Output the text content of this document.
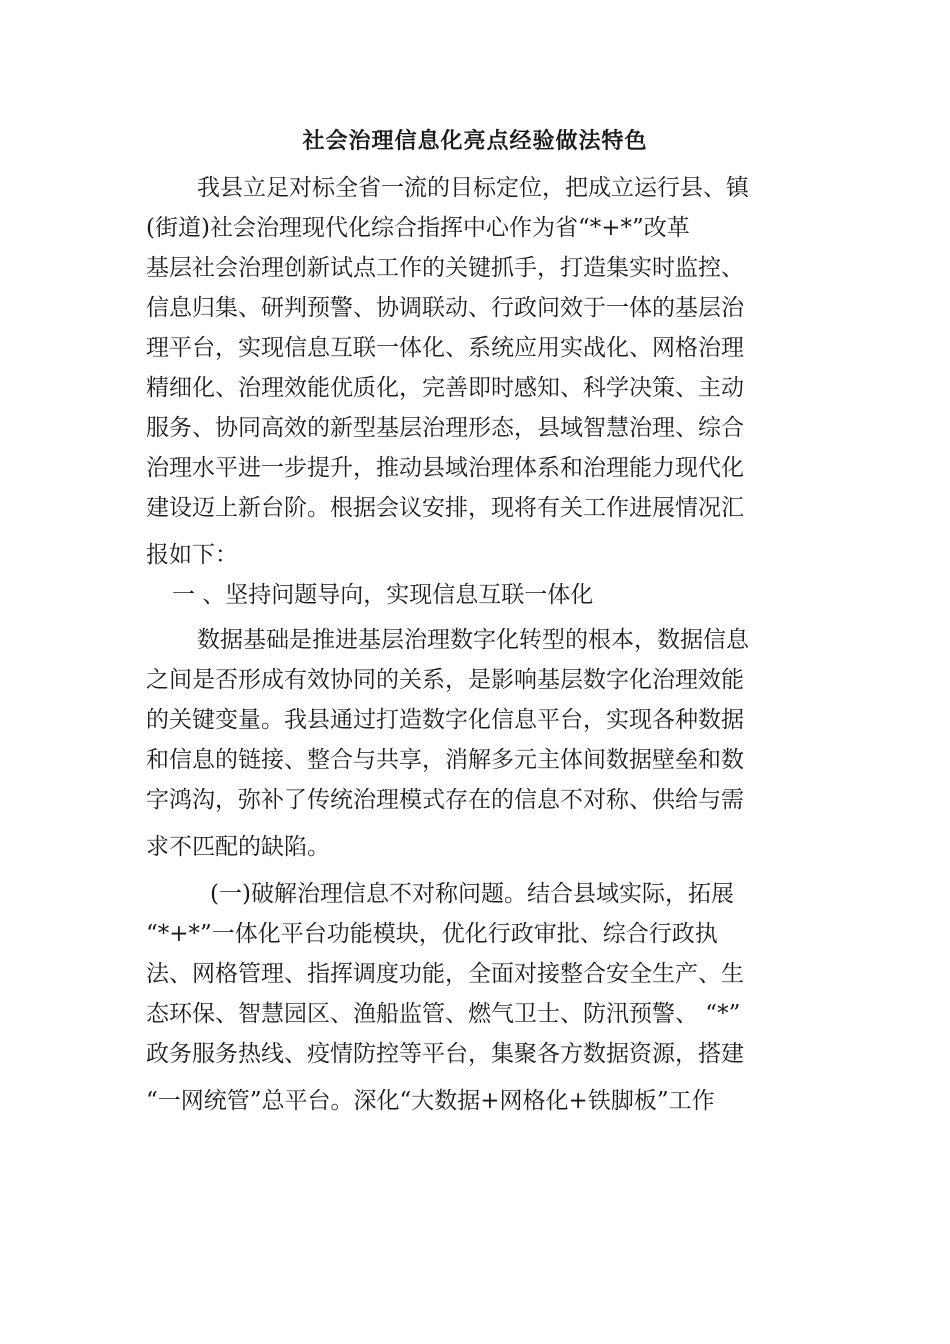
社会治理信息化亮点经验做法特色
我县立足对标全省一流的目标定位，把成立运行县、镇
(街道)社会治理现代化综合指挥中心作为省“*+*”改革
基层社会治理创新试点工作的关键抓手，打造集实时监控、
信息归集、研判预警、协调联动、行政问效于一体的基层治
理平台，实现信息互联一体化、系统应用实战化、网格治理
精细化、治理效能优质化，完善即时感知、科学决策、主动
服务、协同高效的新型基层治理形态，县域智慧治理、综合
治理水平进一步提升，推动县域治理体系和治理能力现代化
建设迈上新台阶。根据会议安排，现将有关工作进展情况汇
报如下：
一 、坚持问题导向，实现信息互联一体化
数据基础是推进基层治理数字化转型的根本，数据信息
之间是否形成有效协同的关系，是影响基层数字化治理效能
的关键变量。我县通过打造数字化信息平台，实现各种数据
和信息的链接、整合与共享，消解多元主体间数据壁垒和数
字鸿沟，弥补了传统治理模式存在的信息不对称、供给与需
求不匹配的缺陷。
(一)破解治理信息不对称问题。结合县域实际，拓展
“*+*”一体化平台功能模块，优化行政审批、综合行政执
法、网格管理、指挥调度功能，全面对接整合安全生产、生
态环保、智慧园区、渔船监管、燃气卫士、防汛预警、 “*”
政务服务热线、疫情防控等平台，集聚各方数据资源，搭建
“一网统管”总平台。深化“大数据+网格化+铁脚板”工作
